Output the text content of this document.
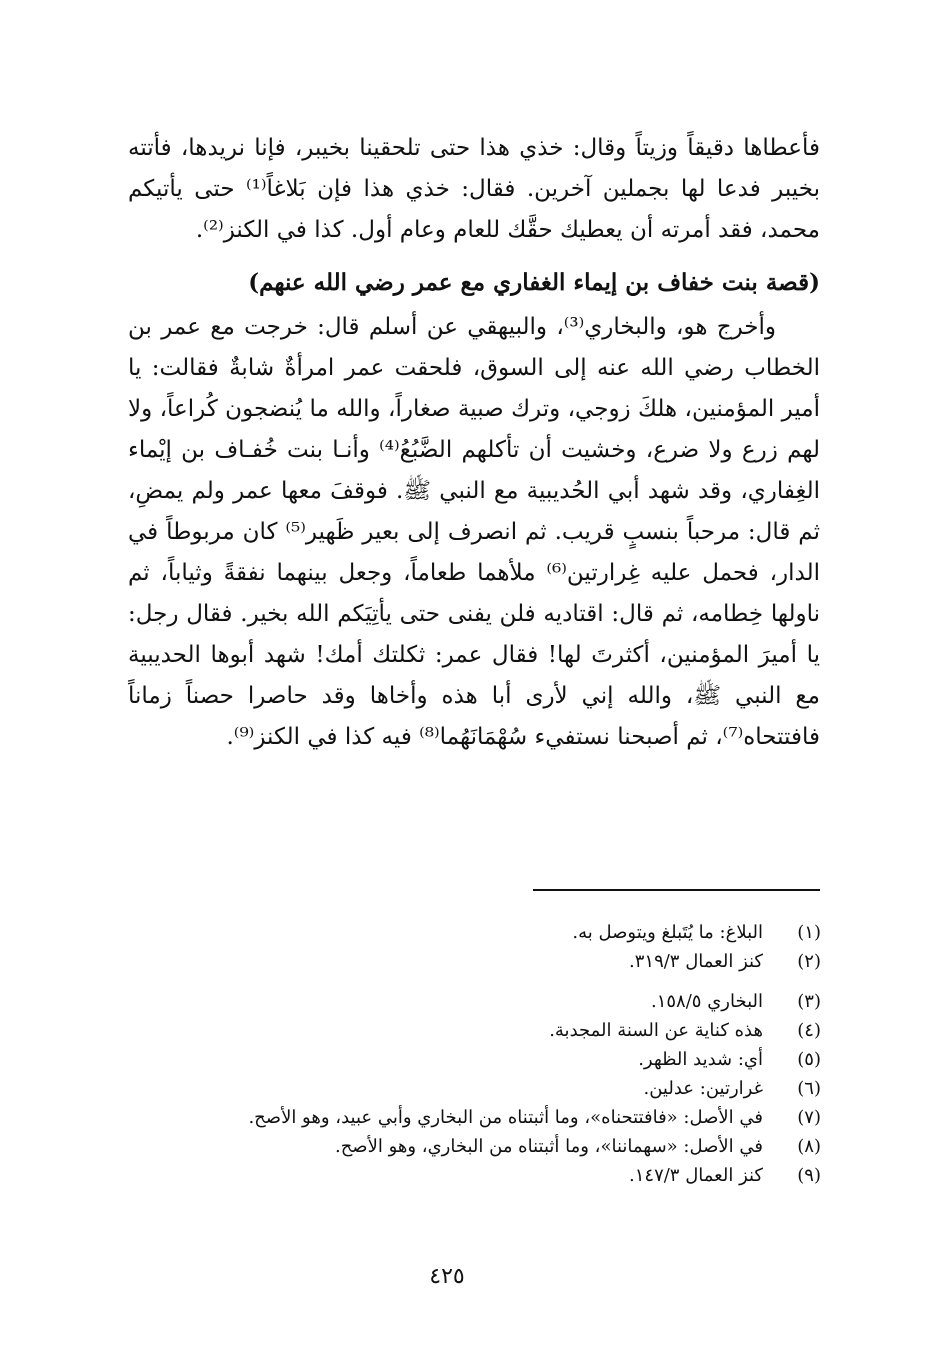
فأعطاها دقيقاً وزيتاً وقال: خذي هذا حتى تلحقينا بخيبر، فإنا نريدها، فأتته بخيبر فدعا لها بجملين آخرين. فقال: خذي هذا فإن بَلاغاً⁽¹⁾ حتى يأتيكم محمد، فقد أمرته أن يعطيك حقَّك للعام وعام أول. كذا في الكنز⁽²⁾.

(قصة بنت خفاف بن إيماء الغفاري مع عمر رضي الله عنهم)

وأخرج هو، والبخاري⁽³⁾، والبيهقي عن أسلم قال: خرجت مع عمر بن الخطاب رضي الله عنه إلى السوق، فلحقت عمر امرأةٌ شابةٌ فقالت: يا أمير المؤمنين، هلكَ زوجي، وترك صبية صغاراً، والله ما يُنضجون كُراعاً، ولا لهم زرع ولا ضرع، وخشيت أن تأكلهم الضَّبُعُ⁽⁴⁾ وأنـا بنت خُفـاف بن إيْماء الغِفاري، وقد شهد أبي الحُديبية مع النبي ﷺ. فوقفَ معها عمر ولم يمضِ، ثم قال: مرحباً بنسبٍ قريب. ثم انصرف إلى بعير ظَهير⁽⁵⁾ كان مربوطاً في الدار، فحمل عليه غِرارتين⁽⁶⁾ ملأهما طعاماً، وجعل بينهما نفقةً وثياباً، ثم ناولها خِطامه، ثم قال: اقتاديه فلن يفنى حتى يأتِيَكم الله بخير. فقال رجل: يا أميرَ المؤمنين، أكثرتَ لها! فقال عمر: ثكلتك أمك! شهد أبوها الحديبية مع النبي ﷺ، والله إني لأرى أبا هذه وأخاها وقد حاصرا حصناً زماناً فافتتحاه⁽⁷⁾، ثم أصبحنا نستفيء سُهْمَانَهُما⁽⁸⁾ فيه كذا في الكنز⁽⁹⁾.

(١)
البلاغ: ما يُتَبلغ ويتوصل به.
(٢)
كنز العمال ٣١٩/٣.
(٣)
البخاري ١٥٨/٥.
(٤)
هذه كناية عن السنة المجدبة.
(٥)
أي: شديد الظهر.
(٦)
غرارتين: عدلين.
(٧)
في الأصل: «فافتتحناه»، وما أثبتناه من البخاري وأبي عبيد، وهو الأصح.
(٨)
في الأصل: «سهماننا»، وما أثبتناه من البخاري، وهو الأصح.
(٩)
كنز العمال ١٤٧/٣.
٤٢٥
